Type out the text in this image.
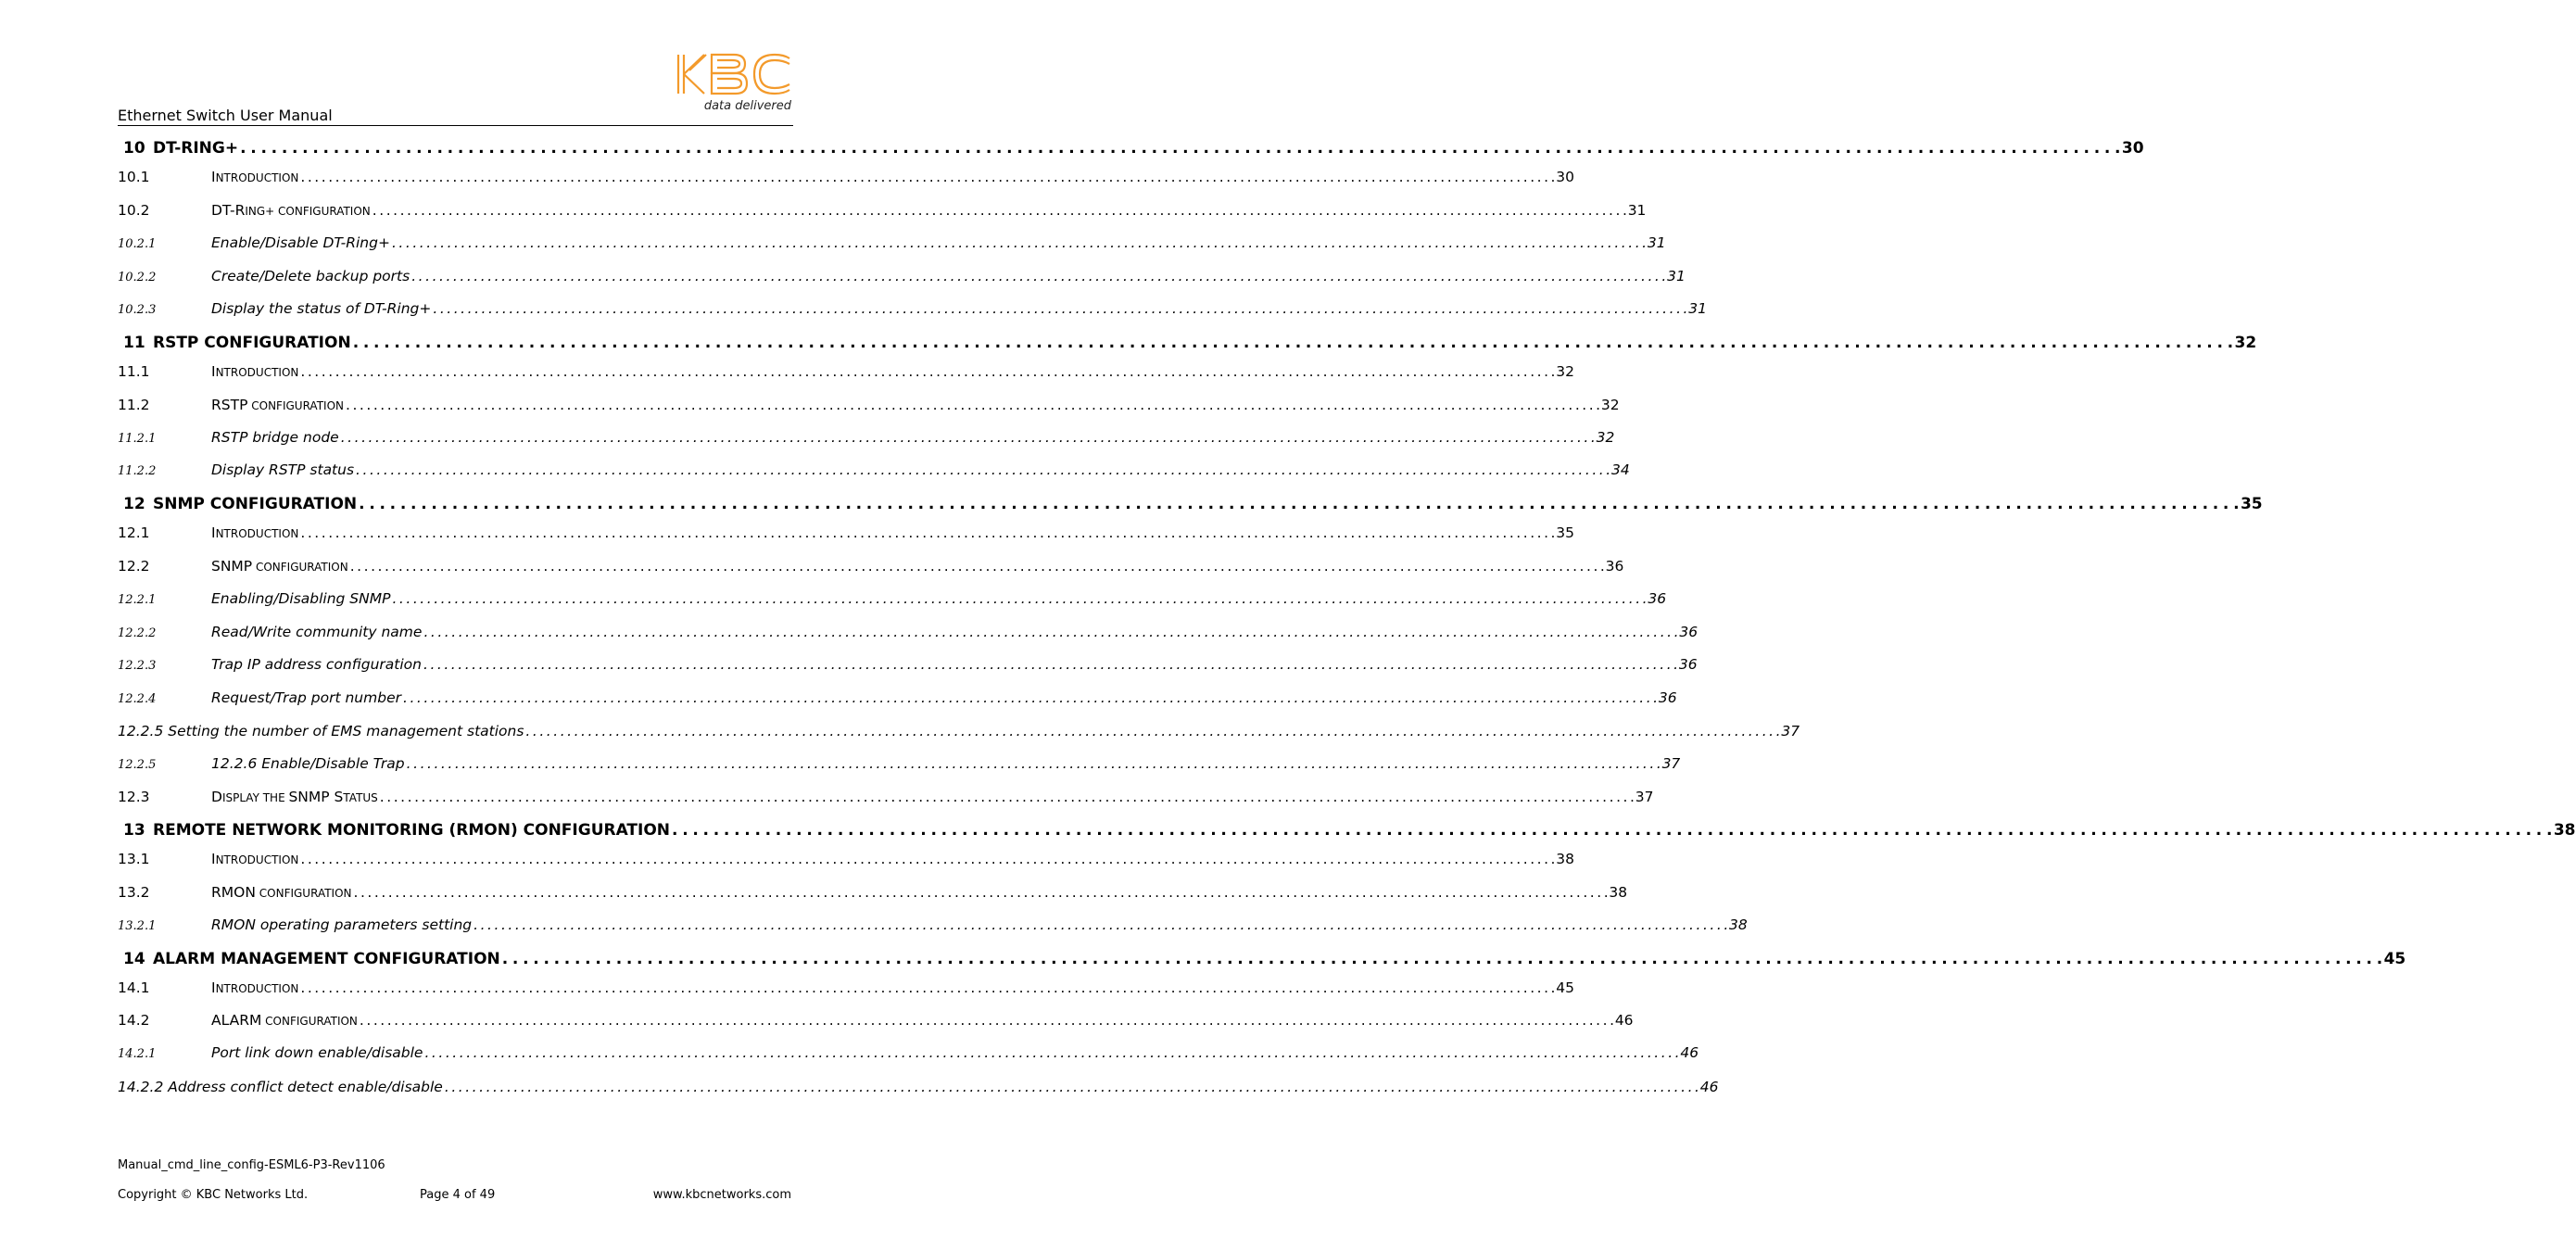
Ethernet Switch User Manual
data delivered
10 DT-RING+ . . .	30
10.1	INTRODUCTION . . .	30
10.2	DT-RING+ CONFIGURATION . . .	31
10.2.1	Enable/Disable DT-Ring+ . . .	31
10.2.2	Create/Delete backup ports . . .	31
10.2.3	Display the status of DT-Ring+ . . .	31
11 RSTP CONFIGURATION . . .	32
11.1	INTRODUCTION . . .	32
11.2	RSTP CONFIGURATION . . .	32
11.2.1	RSTP bridge node . . .	32
11.2.2	Display RSTP status . . .	34
12 SNMP CONFIGURATION . . .	35
12.1	INTRODUCTION . . .	35
12.2	SNMP CONFIGURATION . . .	36
12.2.1	Enabling/Disabling SNMP . . .	36
12.2.2	Read/Write community name . . .	36
12.2.3	Trap IP address configuration . . .	36
12.2.4	Request/Trap port number . . .	36
12.2.5 Setting the number of EMS management stations . . .	37
12.2.5	12.2.6 Enable/Disable Trap . . .	37
12.3	DISPLAY THE SNMP STATUS . . .	37
13 REMOTE NETWORK MONITORING (RMON) CONFIGURATION . . .	38
13.1	INTRODUCTION . . .	38
13.2	RMON CONFIGURATION . . .	38
13.2.1	RMON operating parameters setting . . .	38
14 ALARM MANAGEMENT CONFIGURATION . . .	45
14.1	INTRODUCTION . . .	45
14.2	ALARM CONFIGURATION . . .	46
14.2.1	Port link down enable/disable . . .	46
14.2.2 Address conflict detect enable/disable . . .	46
Manual_cmd_line_config-ESML6-P3-Rev1106
Copyright © KBC Networks Ltd.	Page 4 of 49	www.kbcnetworks.com
